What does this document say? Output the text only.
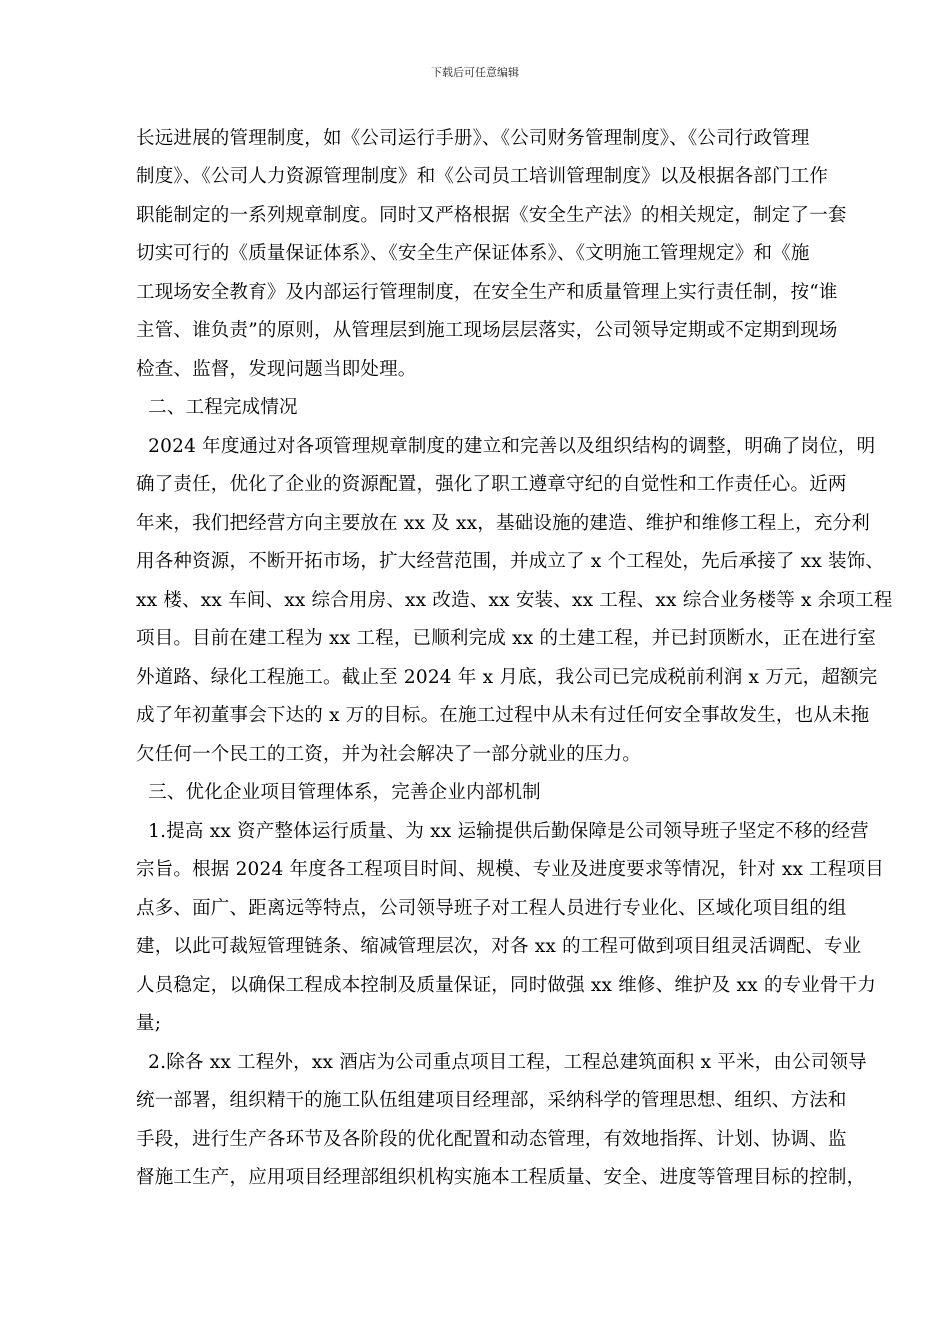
下载后可任意编辑

长远进展的管理制度，如《公司运行手册》、《公司财务管理制度》、《公司行政管理

制度》、《公司人力资源管理制度》和《公司员工培训管理制度》以及根据各部门工作

职能制定的一系列规章制度。同时又严格根据《安全生产法》的相关规定，制定了一套

切实可行的《质量保证体系》、《安全生产保证体系》、《文明施工管理规定》和《施

工现场安全教育》及内部运行管理制度，在安全生产和质量管理上实行责任制，按“谁

主管、谁负责”的原则，从管理层到施工现场层层落实，公司领导定期或不定期到现场

检查、监督，发现问题当即处理。

二、工程完成情况

2024 年度通过对各项管理规章制度的建立和完善以及组织结构的调整，明确了岗位，明

确了责任，优化了企业的资源配置，强化了职工遵章守纪的自觉性和工作责任心。近两

年来，我们把经营方向主要放在 xx 及 xx，基础设施的建造、维护和维修工程上，充分利

用各种资源，不断开拓市场，扩大经营范围，并成立了 x 个工程处，先后承接了 xx 装饰、

xx 楼、xx 车间、xx 综合用房、xx 改造、xx 安装、xx 工程、xx 综合业务楼等 x 余项工程

项目。目前在建工程为 xx 工程，已顺利完成 xx 的土建工程，并已封顶断水，正在进行室

外道路、绿化工程施工。截止至 2024 年 x 月底，我公司已完成税前利润 x 万元，超额完

成了年初董事会下达的 x 万的目标。在施工过程中从未有过任何安全事故发生，也从未拖

欠任何一个民工的工资，并为社会解决了一部分就业的压力。

三、优化企业项目管理体系，完善企业内部机制

1.提高 xx 资产整体运行质量、为 xx 运输提供后勤保障是公司领导班子坚定不移的经营

宗旨。根据 2024 年度各工程项目时间、规模、专业及进度要求等情况，针对 xx 工程项目

点多、面广、距离远等特点，公司领导班子对工程人员进行专业化、区域化项目组的组

建，以此可裁短管理链条、缩减管理层次，对各 xx 的工程可做到项目组灵活调配、专业

人员稳定，以确保工程成本控制及质量保证，同时做强 xx 维修、维护及 xx 的专业骨干力

量;

2.除各 xx 工程外，xx 酒店为公司重点项目工程，工程总建筑面积 x 平米，由公司领导

统一部署，组织精干的施工队伍组建项目经理部，采纳科学的管理思想、组织、方法和

手段，进行生产各环节及各阶段的优化配置和动态管理，有效地指挥、计划、协调、监

督施工生产，应用项目经理部组织机构实施本工程质量、安全、进度等管理目标的控制，
